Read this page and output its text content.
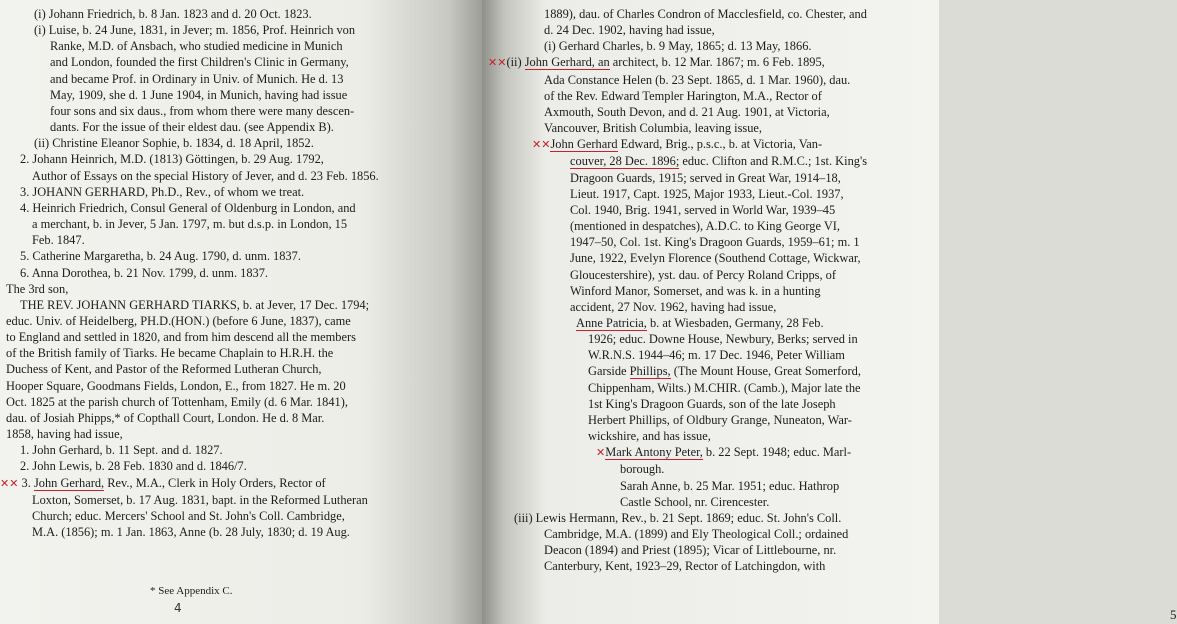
(i) Johann Friedrich, b. 8 Jan. 1823 and d. 20 Oct. 1823.
(i) Luise, b. 24 June, 1831, in Jever; m. 1856, Prof. Heinrich von
Ranke, M.D. of Ansbach, who studied medicine in Munich
and London, founded the first Children's Clinic in Germany,
and became Prof. in Ordinary in Univ. of Munich. He d. 13
May, 1909, she d. 1 June 1904, in Munich, having had issue
four sons and six daus., from whom there were many descen-
dants. For the issue of their eldest dau. (see Appendix B).
(ii) Christine Eleanor Sophie, b. 1834, d. 18 April, 1852.
2. Johann Heinrich, M.D. (1813) Göttingen, b. 29 Aug. 1792,
Author of Essays on the special History of Jever, and d. 23 Feb. 1856.
3. JOHANN GERHARD, Ph.D., Rev., of whom we treat.
4. Heinrich Friedrich, Consul General of Oldenburg in London, and
a merchant, b. in Jever, 5 Jan. 1797, m. but d.s.p. in London, 15
Feb. 1847.
5. Catherine Margaretha, b. 24 Aug. 1790, d. unm. 1837.
6. Anna Dorothea, b. 21 Nov. 1799, d. unm. 1837.
The 3rd son,
THE REV. JOHANN GERHARD TIARKS, b. at Jever, 17 Dec. 1794;
educ. Univ. of Heidelberg, PH.D.(HON.) (before 6 June, 1837), came
to England and settled in 1820, and from him descend all the members
of the British family of Tiarks. He became Chaplain to H.R.H. the
Duchess of Kent, and Pastor of the Reformed Lutheran Church,
Hooper Square, Goodmans Fields, London, E., from 1827. He m. 20
Oct. 1825 at the parish church of Tottenham, Emily (d. 6 Mar. 1841),
dau. of Josiah Phipps,* of Copthall Court, London. He d. 8 Mar.
1858, having had issue,
1. John Gerhard, b. 11 Sept. and d. 1827.
2. John Lewis, b. 28 Feb. 1830 and d. 1846/7.
✕✕ 3. John Gerhard, Rev., M.A., Clerk in Holy Orders, Rector of
Loxton, Somerset, b. 17 Aug. 1831, bapt. in the Reformed Lutheran
Church; educ. Mercers' School and St. John's Coll. Cambridge,
M.A. (1856); m. 1 Jan. 1863, Anne (b. 28 July, 1830; d. 19 Aug.
* See Appendix C.
4
1889), dau. of Charles Condron of Macclesfield, co. Chester, and
d. 24 Dec. 1902, having had issue,
(i) Gerhard Charles, b. 9 May, 1865; d. 13 May, 1866.
✕✕(ii) John Gerhard, an architect, b. 12 Mar. 1867; m. 6 Feb. 1895,
Ada Constance Helen (b. 23 Sept. 1865, d. 1 Mar. 1960), dau.
of the Rev. Edward Templer Harington, M.A., Rector of
Axmouth, South Devon, and d. 21 Aug. 1901, at Victoria,
Vancouver, British Columbia, leaving issue,
✕✕John Gerhard Edward, Brig., p.s.c., b. at Victoria, Van-
couver, 28 Dec. 1896; educ. Clifton and R.M.C.; 1st. King's
Dragoon Guards, 1915; served in Great War, 1914–18,
Lieut. 1917, Capt. 1925, Major 1933, Lieut.-Col. 1937,
Col. 1940, Brig. 1941, served in World War, 1939–45
(mentioned in despatches), A.D.C. to King George VI,
1947–50, Col. 1st. King's Dragoon Guards, 1959–61; m. 1
June, 1922, Evelyn Florence (Southend Cottage, Wickwar,
Gloucestershire), yst. dau. of Percy Roland Cripps, of
Winford Manor, Somerset, and was k. in a hunting
accident, 27 Nov. 1962, having had issue,
Anne Patricia, b. at Wiesbaden, Germany, 28 Feb.
1926; educ. Downe House, Newbury, Berks; served in
W.R.N.S. 1944–46; m. 17 Dec. 1946, Peter William
Garside Phillips, (The Mount House, Great Somerford,
Chippenham, Wilts.) M.CHIR. (Camb.), Major late the
1st King's Dragoon Guards, son of the late Joseph
Herbert Phillips, of Oldbury Grange, Nuneaton, War-
wickshire, and has issue,
✕Mark Antony Peter, b. 22 Sept. 1948; educ. Marl-
borough.
Sarah Anne, b. 25 Mar. 1951; educ. Hathrop
Castle School, nr. Cirencester.
(iii) Lewis Hermann, Rev., b. 21 Sept. 1869; educ. St. John's Coll.
Cambridge, M.A. (1899) and Ely Theological Coll.; ordained
Deacon (1894) and Priest (1895); Vicar of Littlebourne, nr.
Canterbury, Kent, 1923–29, Rector of Latchingdon, with
5
